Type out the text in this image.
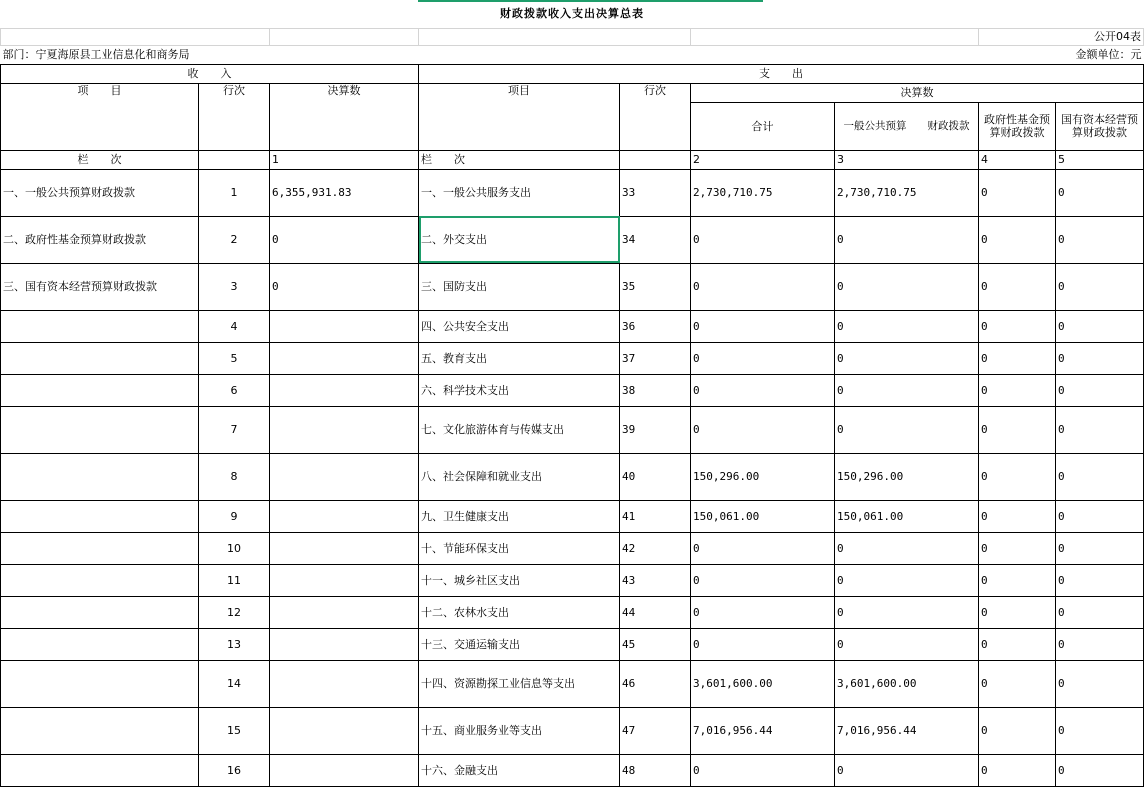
财政拨款收入支出决算总表								
							公开04表	
部门：宁夏海原县工业信息化和商务局							金额单位：元	
收　　入			支　　出					
项　　目	行次	决算数	项目	行次	决算数			
					合计	一般公共预算　　财政拨款	政府性基金预算财政拨款	国有资本经营预算财政拨款
栏　　次		1	栏　　次		2	3	4	5
一、一般公共预算财政拨款	1	6,355,931.83	一、一般公共服务支出	33	2,730,710.75	2,730,710.75	0	0
二、政府性基金预算财政拨款	2	0	二、外交支出	34	0	0	0	0
三、国有资本经营预算财政拨款	3	0	三、国防支出	35	0	0	0	0
	4		四、公共安全支出	36	0	0	0	0
	5		五、教育支出	37	0	0	0	0
	6		六、科学技术支出	38	0	0	0	0
	7		七、文化旅游体育与传媒支出	39	0	0	0	0
	8		八、社会保障和就业支出	40	150,296.00	150,296.00	0	0
	9		九、卫生健康支出	41	150,061.00	150,061.00	0	0
	10		十、节能环保支出	42	0	0	0	0
	11		十一、城乡社区支出	43	0	0	0	0
	12		十二、农林水支出	44	0	0	0	0
	13		十三、交通运输支出	45	0	0	0	0
	14		十四、资源勘探工业信息等支出	46	3,601,600.00	3,601,600.00	0	0
	15		十五、商业服务业等支出	47	7,016,956.44	7,016,956.44	0	0
	16		十六、金融支出	48	0	0	0	0
